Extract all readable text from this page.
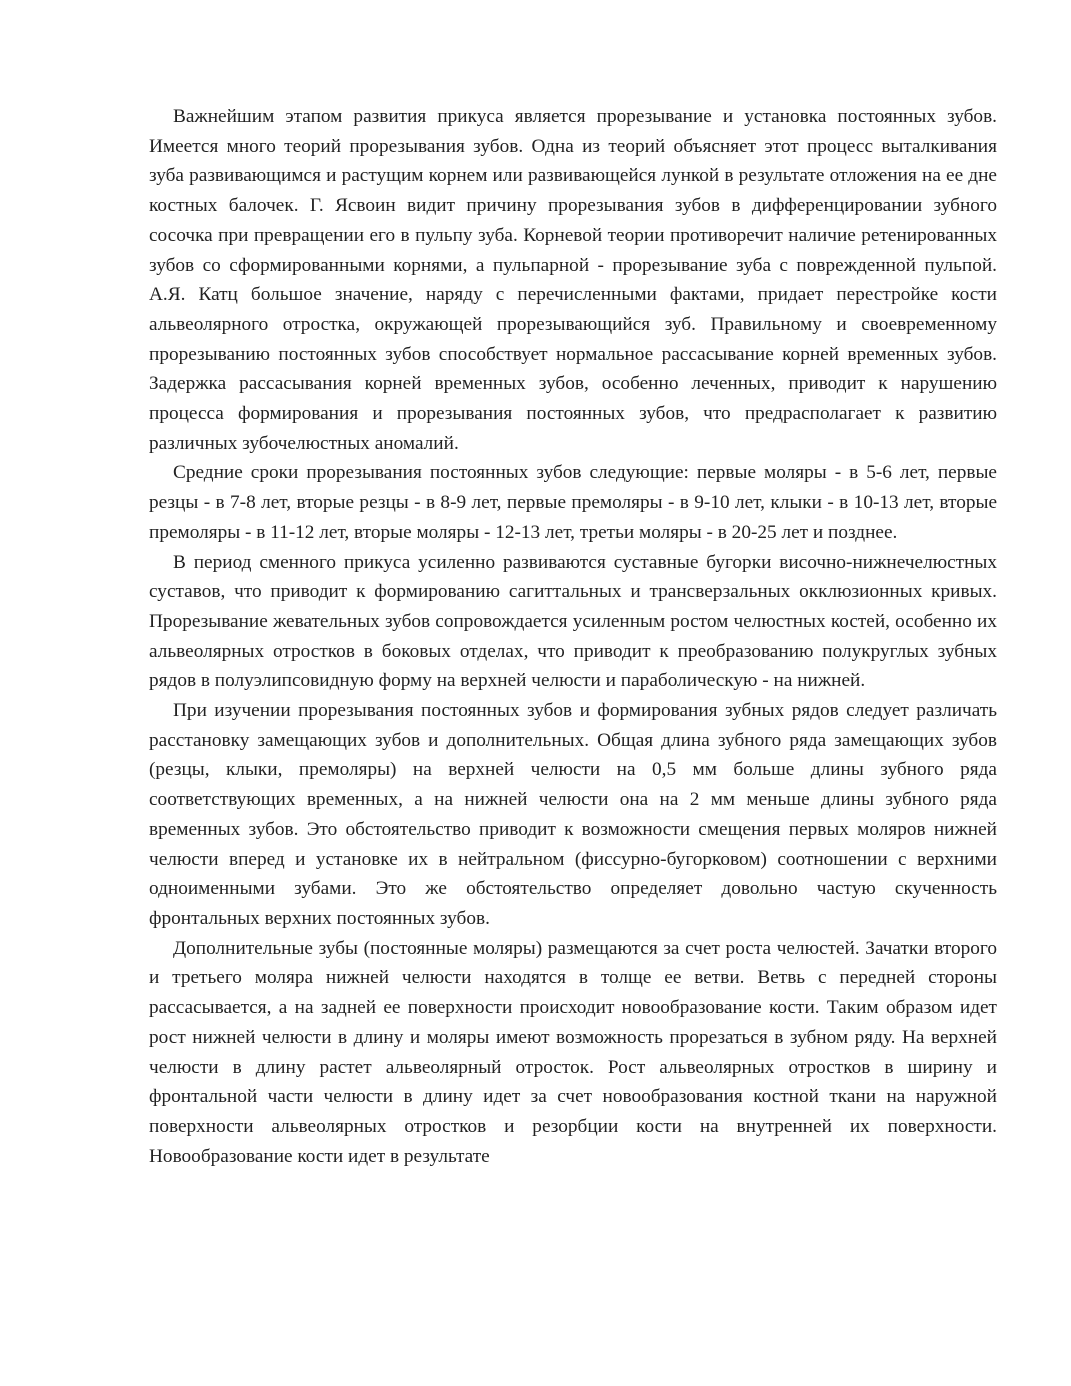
Важнейшим этапом развития прикуса является прорезывание и установка постоянных зубов. Имеется много теорий прорезывания зубов. Одна из теорий объясняет этот процесс выталкивания зуба развивающимся и растущим корнем или развивающейся лункой в результате отложения на ее дне костных балочек. Г. Ясвоин видит причину прорезывания зубов в дифференцировании зубного сосочка при превращении его в пульпу зуба. Корневой теории противоречит наличие ретенированных зубов со сформированными корнями, а пульпарной - прорезывание зуба с поврежденной пульпой. А.Я. Катц большое значение, наряду с перечисленными фактами, придает перестройке кости альвеолярного отростка, окружающей прорезывающийся зуб. Правильному и своевременному прорезыванию постоянных зубов способствует нормальное рассасывание корней временных зубов. Задержка рассасывания корней временных зубов, особенно леченных, приводит к нарушению процесса формирования и прорезывания постоянных зубов, что предрасполагает к развитию различных зубочелюстных аномалий.

Средние сроки прорезывания постоянных зубов следующие: первые моляры - в 5-6 лет, первые резцы - в 7-8 лет, вторые резцы - в 8-9 лет, первые премоляры - в 9-10 лет, клыки - в 10-13 лет, вторые премоляры - в 11-12 лет, вторые моляры - 12-13 лет, третьи моляры - в 20-25 лет и позднее.

В период сменного прикуса усиленно развиваются суставные бугорки височно-нижнечелюстных суставов, что приводит к формированию сагиттальных и трансверзальных окклюзионных кривых. Прорезывание жевательных зубов сопровождается усиленным ростом челюстных костей, особенно их альвеолярных отростков в боковых отделах, что приводит к преобразованию полукруглых зубных рядов в полуэлипсовидную форму на верхней челюсти и параболическую - на нижней.

При изучении прорезывания постоянных зубов и формирования зубных рядов следует различать расстановку замещающих зубов и дополнительных. Общая длина зубного ряда замещающих зубов (резцы, клыки, премоляры) на верхней челюсти на 0,5 мм больше длины зубного ряда соответствующих временных, а на нижней челюсти она на 2 мм меньше длины зубного ряда временных зубов. Это обстоятельство приводит к возможности смещения первых моляров нижней челюсти вперед и установке их в нейтральном (фиссурно-бугорковом) соотношении с верхними одноименными зубами. Это же обстоятельство определяет довольно частую скученность фронтальных верхних постоянных зубов.

Дополнительные зубы (постоянные моляры) размещаются за счет роста челюстей. Зачатки второго и третьего моляра нижней челюсти находятся в толще ее ветви. Ветвь с передней стороны рассасывается, а на задней ее поверхности происходит новообразование кости. Таким образом идет рост нижней челюсти в длину и моляры имеют возможность прорезаться в зубном ряду. На верхней челюсти в длину растет альвеолярный отросток. Рост альвеолярных отростков в ширину и фронтальной части челюсти в длину идет за счет новообразования костной ткани на наружной поверхности альвеолярных отростков и резорбции кости на внутренней их поверхности. Новообразование кости идет в результате
